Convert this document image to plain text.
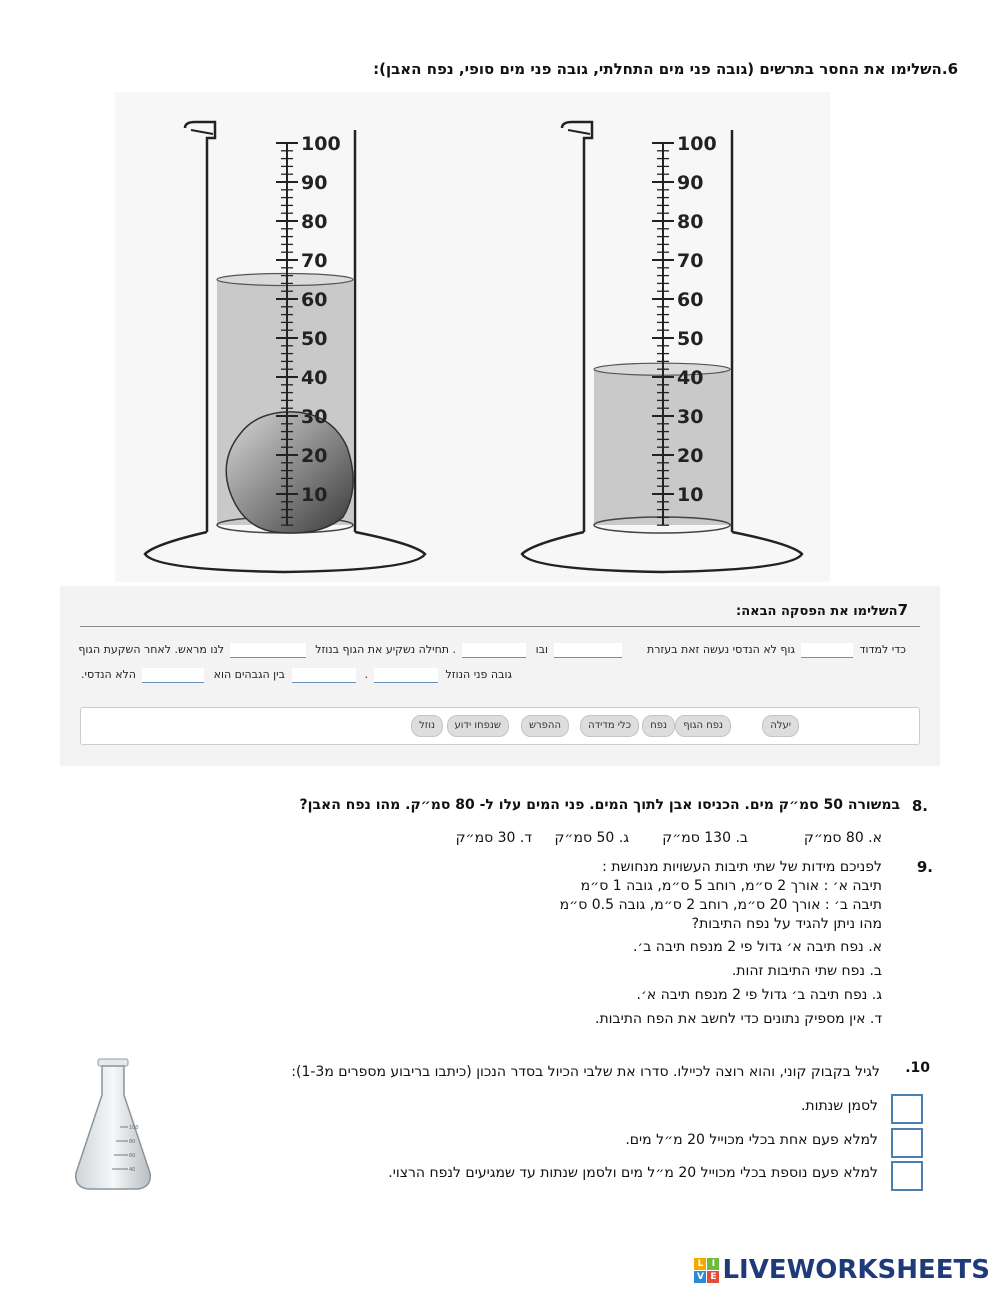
6.השלימו את החסר בתרשים (גובה פני מים התחלתי, גובה פני מים סופי, נפח האבן):
100
90
80
70
60
50
40
30
20
10
100
90
80
70
60
50
40
30
20
10
7השלימו את הפסקה הבאה:
כדי למדוד
גוף לא הנדסי נעשה זאת בעזרת
ובו
. תחילה נשקיע את הגוף בנוזל
לנו מראש. לאחר השקעת הגוף
גובה פני הנוזל
.
בין הגבהים הוא
הלא הנדסי.
נוזל	שנפחו ידוע	ההפרש	כלי מדידה	נפח	נפח הגוף	יעלה
8.
במשורה 50 סמ״ק מים. הכניסו אבן לתוך המים. פני המים עלו ל- 80 סמ״ק. מהו נפח האבן?
א. 80 סמ״ק
ב. 130 סמ״ק
ג. 50 סמ״ק
ד. 30 סמ״ק
9.
לפניכם מידות של שתי תיבות העשויות מנחושת :
תיבה א׳ : אורך 2 ס״מ, רוחב 5 ס״מ, גובה 1 ס״מ
תיבה ב׳ : אורך 20 ס״מ, רוחב 2 ס״מ, גובה 0.5 ס״מ
מהו ניתן להגיד על נפח התיבות?
א. נפח תיבה א׳ גדול פי 2 מנפח תיבה ב׳.
ב. נפח שתי התיבות זהות.
ג. נפח תיבה ב׳ גדול פי 2 מנפח תיבה א׳.
ד. אין מספיק נתונים כדי לחשב את הפח התיבות.
.10
לגיל בקבוק קוני, והוא רוצה לכיילו. סדרו את שלבי הכיול בסדר הנכון (כיתבו בריבוע מספרים מ1-3):
לסמן שנתות.
למלא פעם אחת בכלי מכוייל 20 מ״ל מים.
למלא פעם נוספת בכלי מכוייל 20 מ״ל מים ולסמן שנתות עד שמגיעים לנפח הרצוי.
100
80
60
40
L I
V E LIVEWORKSHEETS
